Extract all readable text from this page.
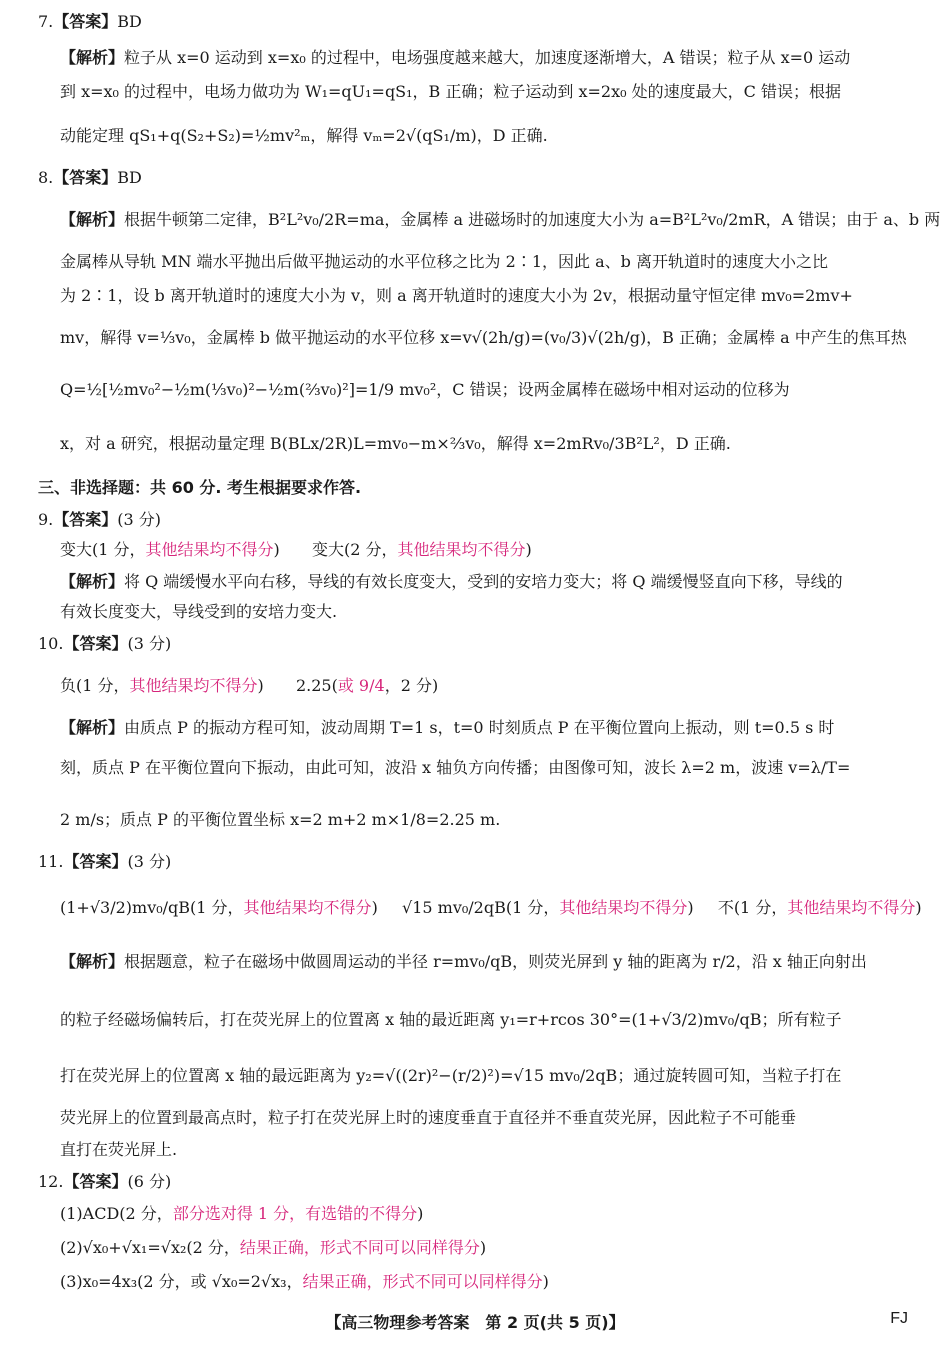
7.【答案】BD
【解析】粒子从 x=0 运动到 x=x₀ 的过程中，电场强度越来越大，加速度逐渐增大，A 错误；粒子从 x=0 运动
到 x=x₀ 的过程中，电场力做功为 W₁=qU₁=qS₁，B 正确；粒子运动到 x=2x₀ 处的速度最大，C 错误；根据
动能定理 qS₁+q(S₂+S₂)=½mv²ₘ，解得 vₘ=2√(qS₁/m)，D 正确.
8.【答案】BD
【解析】根据牛顿第二定律，B²L²v₀/2R=ma，金属棒 a 进磁场时的加速度大小为 a=B²L²v₀/2mR，A 错误；由于 a、b 两
金属棒从导轨 MN 端水平抛出后做平抛运动的水平位移之比为 2∶1，因此 a、b 离开轨道时的速度大小之比
为 2∶1，设 b 离开轨道时的速度大小为 v，则 a 离开轨道时的速度大小为 2v，根据动量守恒定律 mv₀=2mv+
mv，解得 v=⅓v₀，金属棒 b 做平抛运动的水平位移 x=v√(2h/g)=(v₀/3)√(2h/g)，B 正确；金属棒 a 中产生的焦耳热
Q=½[½mv₀²−½m(⅓v₀)²−½m(⅔v₀)²]=1/9 mv₀²，C 错误；设两金属棒在磁场中相对运动的位移为
x，对 a 研究，根据动量定理 B(BLx/2R)L=mv₀−m×⅔v₀，解得 x=2mRv₀/3B²L²，D 正确.
三、非选择题：共 60 分. 考生根据要求作答.
9.【答案】(3 分)
变大(1 分，其他结果均不得分) 变大(2 分，其他结果均不得分)
【解析】将 Q 端缓慢水平向右移，导线的有效长度变大，受到的安培力变大；将 Q 端缓慢竖直向下移，导线的
有效长度变大，导线受到的安培力变大.
10.【答案】(3 分)
负(1 分，其他结果均不得分) 2.25(或 9/4，2 分)
【解析】由质点 P 的振动方程可知，波动周期 T=1 s，t=0 时刻质点 P 在平衡位置向上振动，则 t=0.5 s 时
刻，质点 P 在平衡位置向下振动，由此可知，波沿 x 轴负方向传播；由图像可知，波长 λ=2 m，波速 v=λ/T=
2 m/s；质点 P 的平衡位置坐标 x=2 m+2 m×1/8=2.25 m.
11.【答案】(3 分)
(1+√3/2)mv₀/qB(1 分，其他结果均不得分) √15 mv₀/2qB(1 分，其他结果均不得分) 不(1 分，其他结果均不得分)
【解析】根据题意，粒子在磁场中做圆周运动的半径 r=mv₀/qB，则荧光屏到 y 轴的距离为 r/2，沿 x 轴正向射出
的粒子经磁场偏转后，打在荧光屏上的位置离 x 轴的最近距离 y₁=r+rcos 30°=(1+√3/2)mv₀/qB；所有粒子
打在荧光屏上的位置离 x 轴的最远距离为 y₂=√((2r)²−(r/2)²)=√15 mv₀/2qB；通过旋转圆可知，当粒子打在
荧光屏上的位置到最高点时，粒子打在荧光屏上时的速度垂直于直径并不垂直荧光屏，因此粒子不可能垂
直打在荧光屏上.
12.【答案】(6 分)
(1)ACD(2 分，部分选对得 1 分，有选错的不得分)
(2)√x₀+√x₁=√x₂(2 分，结果正确，形式不同可以同样得分)
(3)x₀=4x₃(2 分，或 √x₀=2√x₃，结果正确，形式不同可以同样得分)
【高三物理参考答案　第 2 页(共 5 页)】	FJ
